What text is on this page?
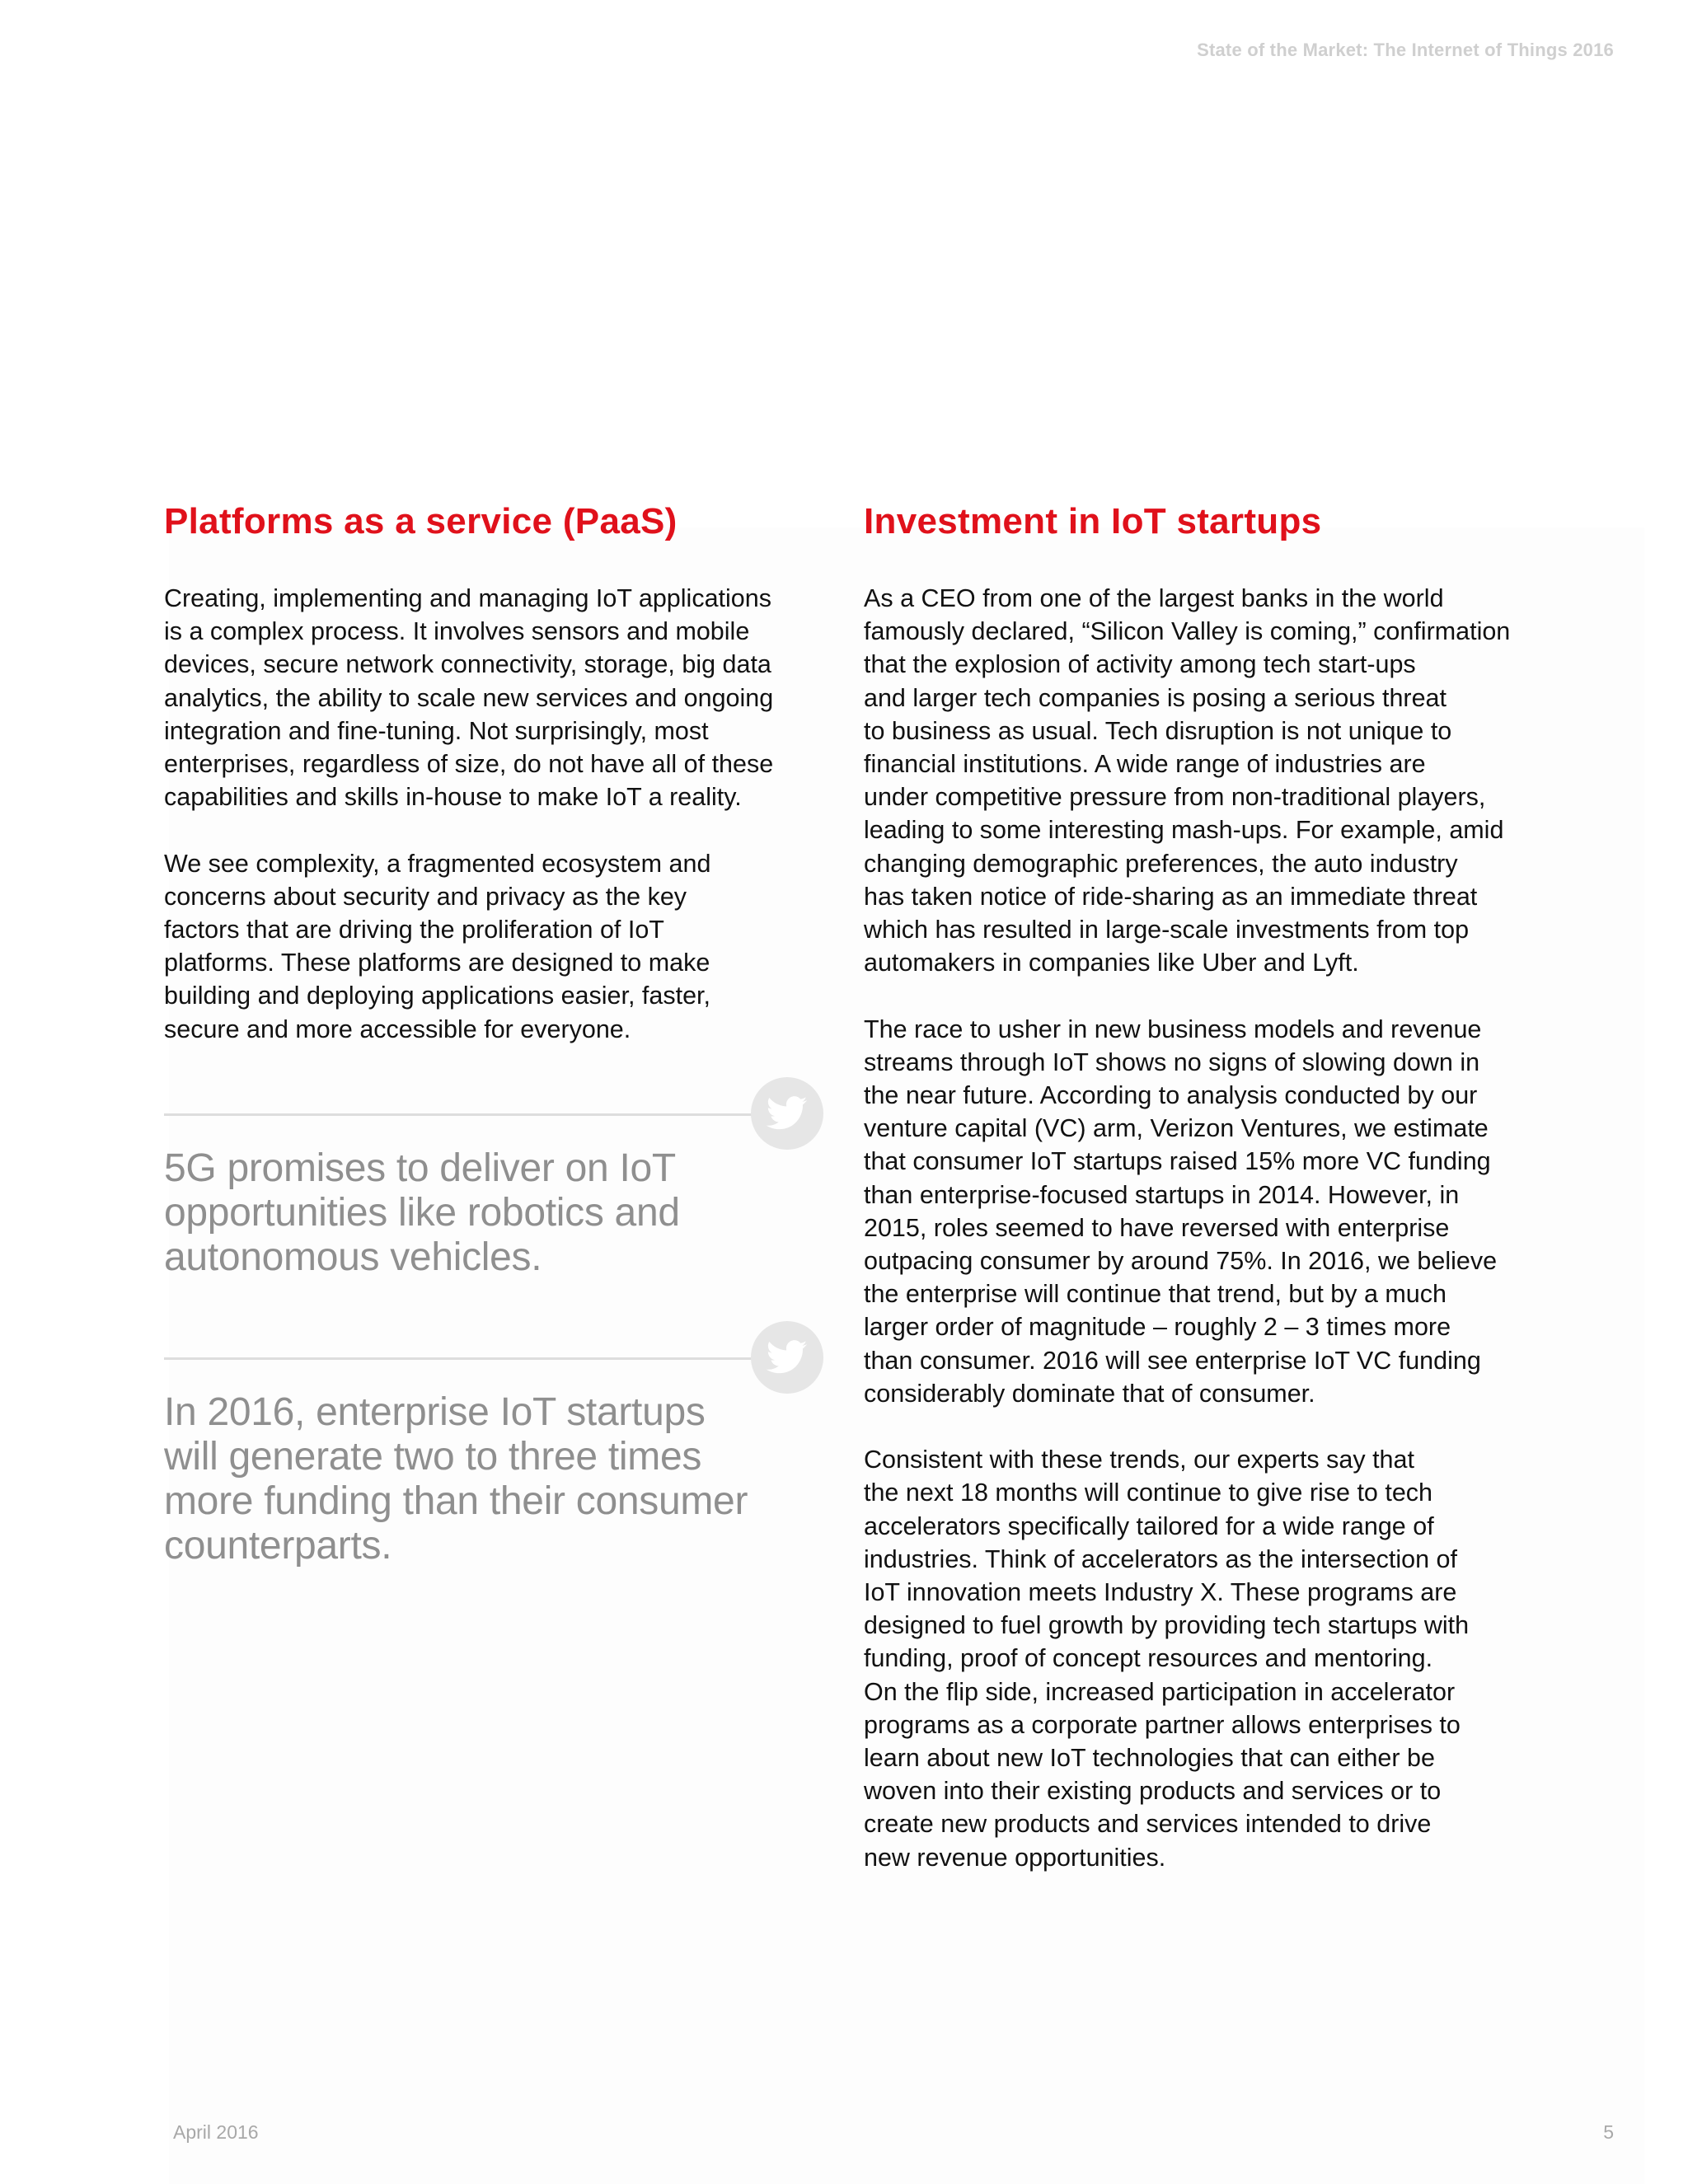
State of the Market: The Internet of Things 2016
Platforms as a service (PaaS)

Creating, implementing and managing IoT applications
is a complex process. It involves sensors and mobile
devices, secure network connectivity, storage, big data
analytics, the ability to scale new services and ongoing
integration and fine-tuning. Not surprisingly, most
enterprises, regardless of size, do not have all of these
capabilities and skills in-house to make IoT a reality.

We see complexity, a fragmented ecosystem and
concerns about security and privacy as the key
factors that are driving the proliferation of IoT
platforms. These platforms are designed to make
building and deploying applications easier, faster,
secure and more accessible for everyone.

5G promises to deliver on IoT
opportunities like robotics and
autonomous vehicles.

In 2016, enterprise IoT startups
will generate two to three times
more funding than their consumer
counterparts.

Investment in IoT startups

As a CEO from one of the largest banks in the world
famously declared, “Silicon Valley is coming,” confirmation
that the explosion of activity among tech start-ups
and larger tech companies is posing a serious threat
to business as usual. Tech disruption is not unique to
financial institutions. A wide range of industries are
under competitive pressure from non-traditional players,
leading to some interesting mash-ups. For example, amid
changing demographic preferences, the auto industry
has taken notice of ride-sharing as an immediate threat
which has resulted in large-scale investments from top
automakers in companies like Uber and Lyft.

The race to usher in new business models and revenue
streams through IoT shows no signs of slowing down in
the near future. According to analysis conducted by our
venture capital (VC) arm, Verizon Ventures, we estimate
that consumer IoT startups raised 15% more VC funding
than enterprise-focused startups in 2014. However, in
2015, roles seemed to have reversed with enterprise
outpacing consumer by around 75%. In 2016, we believe
the enterprise will continue that trend, but by a much
larger order of magnitude – roughly 2 – 3 times more
than consumer. 2016 will see enterprise IoT VC funding
considerably dominate that of consumer.

Consistent with these trends, our experts say that
the next 18 months will continue to give rise to tech
accelerators specifically tailored for a wide range of
industries. Think of accelerators as the intersection of
IoT innovation meets Industry X. These programs are
designed to fuel growth by providing tech startups with
funding, proof of concept resources and mentoring.
On the flip side, increased participation in accelerator
programs as a corporate partner allows enterprises to
learn about new IoT technologies that can either be
woven into their existing products and services or to
create new products and services intended to drive
new revenue opportunities.

April 2016	5
